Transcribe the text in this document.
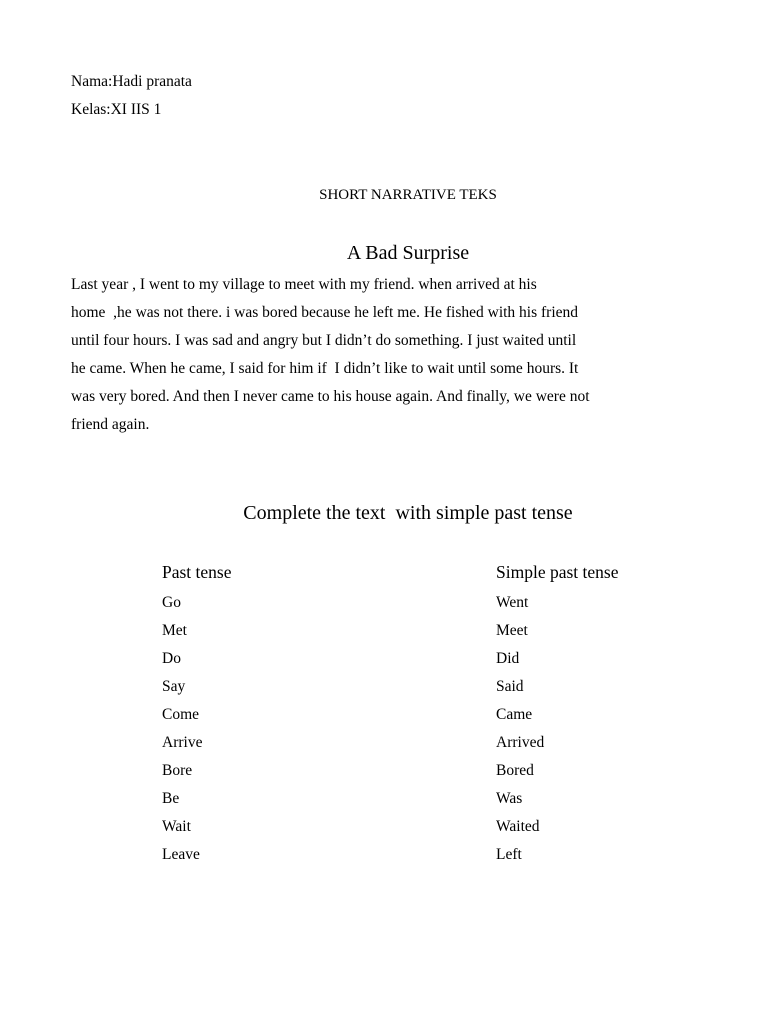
Nama:Hadi pranata
Kelas:XI IIS 1
SHORT NARRATIVE TEKS
A Bad Surprise
Last year , I went to my village to meet with my friend. when arrived at his
home  ,he was not there. i was bored because he left me. He fished with his friend
until four hours. I was sad and angry but I didn’t do something. I just waited until
he came. When he came, I said for him if  I didn’t like to wait until some hours. It
was very bored. And then I never came to his house again. And finally, we were not
friend again.
Complete the text  with simple past tense
Past tense	Simple past tense
Go	Went
Met	Meet
Do	Did
Say	Said
Come	Came
Arrive	Arrived
Bore	Bored
Be	Was
Wait	Waited
Leave	Left
